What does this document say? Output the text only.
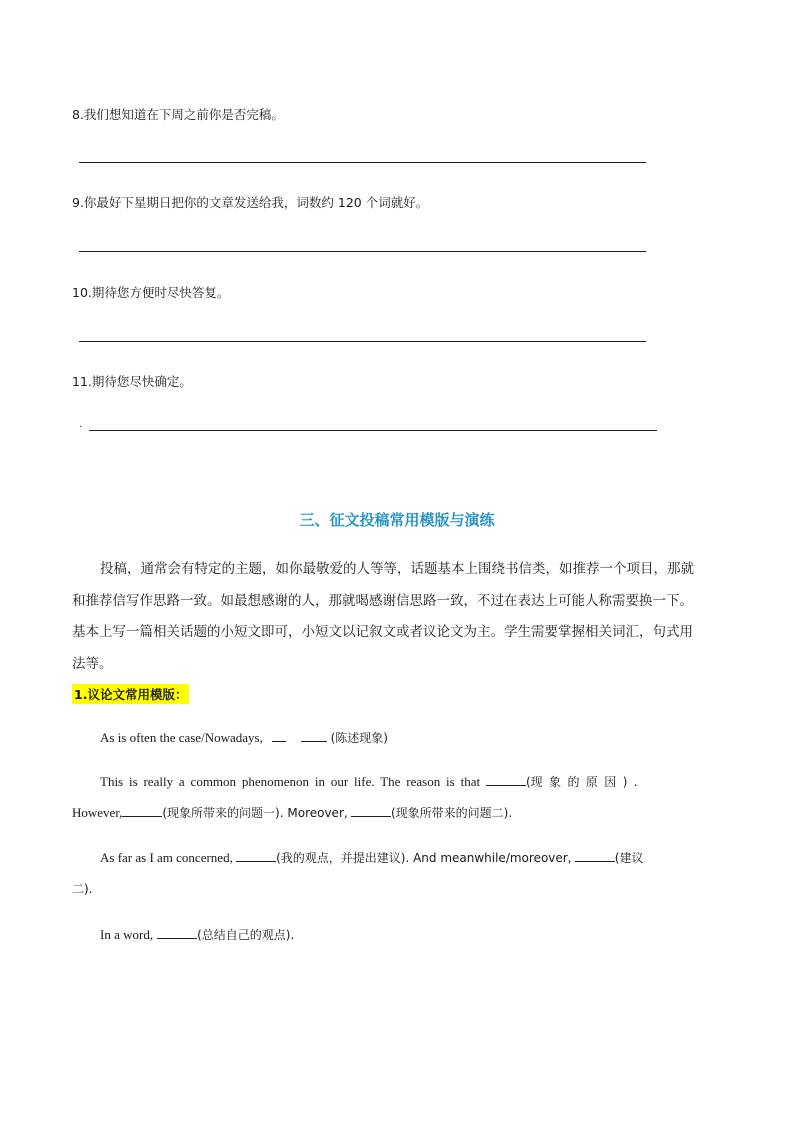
8.我们想知道在下周之前你是否完稿。
9.你最好下星期日把你的文章发送给我，词数约 120 个词就好。
10.期待您方便时尽快答复。
11.期待您尽快确定。
·
三、征文投稿常用模版与演练
投稿，通常会有特定的主题，如你最敬爱的人等等，话题基本上围绕书信类，如推荐一个项目，那就
和推荐信写作思路一致。如最想感谢的人，那就喝感谢信思路一致，不过在表达上可能人称需要换一下。
基本上写一篇相关话题的小短文即可，小短文以记叙文或者议论文为主。学生需要掌握相关词汇，句式用
法等。
1.议论文常用模版：
As is often the case/Nowadays,	(陈述现象)
This is really a common phenomenon in our life. The reason is that	(现 象 的 原 因 ) .
However,	(现象所带来的问题一). Moreover,	(现象所带来的问题二).
As far as I am concerned,	(我的观点，并提出建议). And meanwhile/moreover,	(建议
二).
In a word,	(总结自己的观点).
